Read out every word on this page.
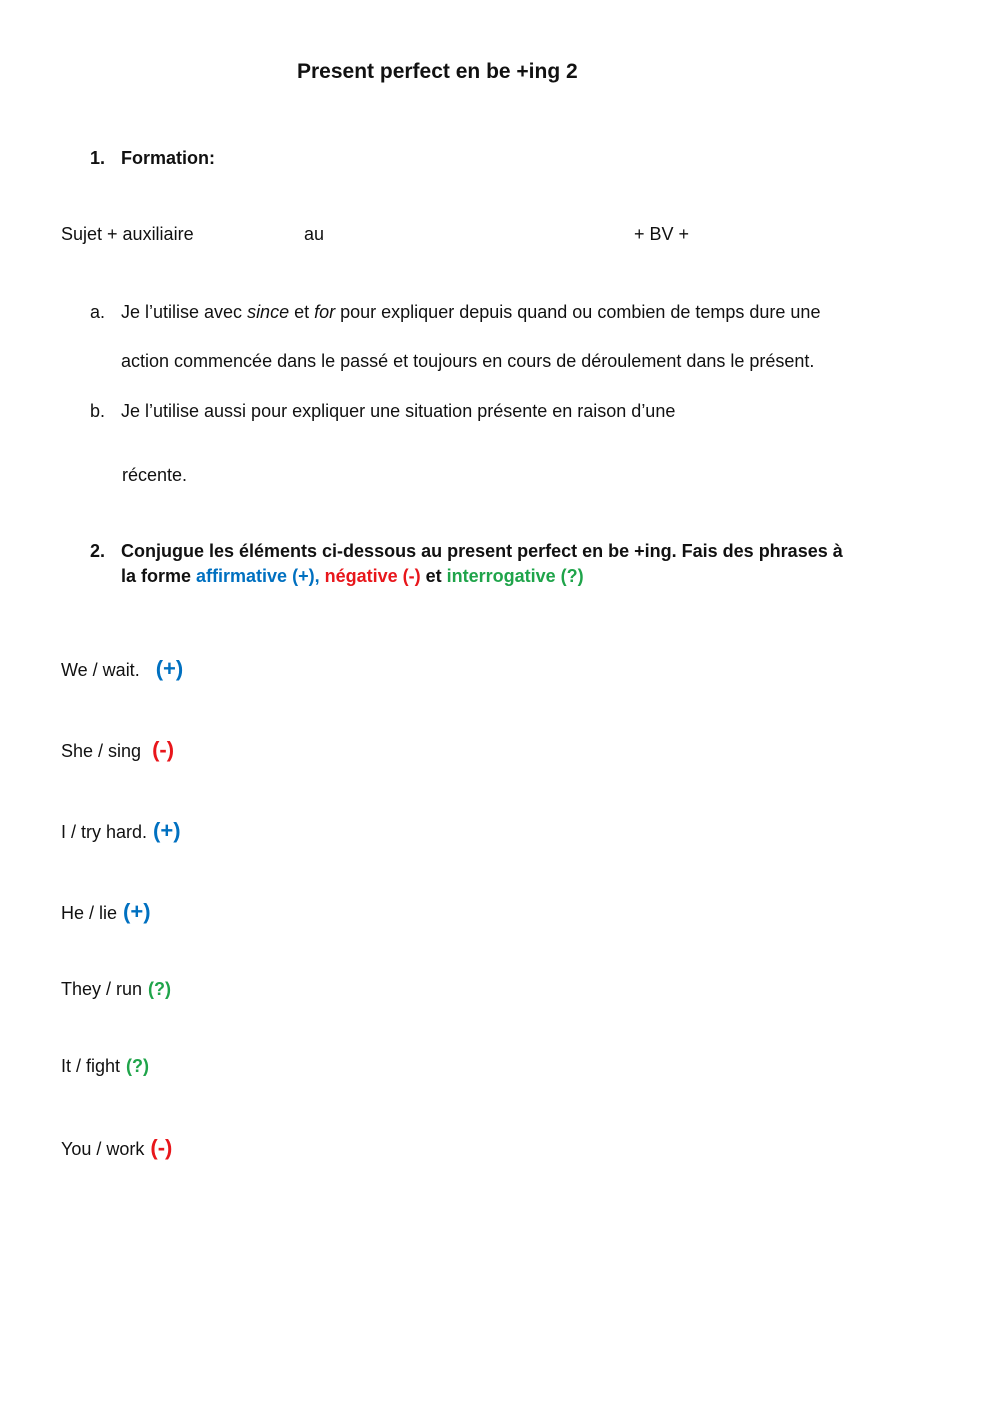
Present perfect en be +ing 2
1. Formation:
Sujet + auxiliaire	au	+ BV +
a. Je l’utilise avec since et for pour expliquer depuis quand ou combien de temps dure une
action commencée dans le passé et toujours en cours de déroulement dans le présent.
b. Je l’utilise aussi pour expliquer une situation présente en raison d’une
récente.
2. Conjugue les éléments ci-dessous au present perfect en be +ing. Fais des phrases à
la forme affirmative (+), négative (-) et interrogative (?)
We / wait. (+)
She / sing (-)
I / try hard. (+)
He / lie (+)
They / run (?)
It / fight (?)
You / work (-)
